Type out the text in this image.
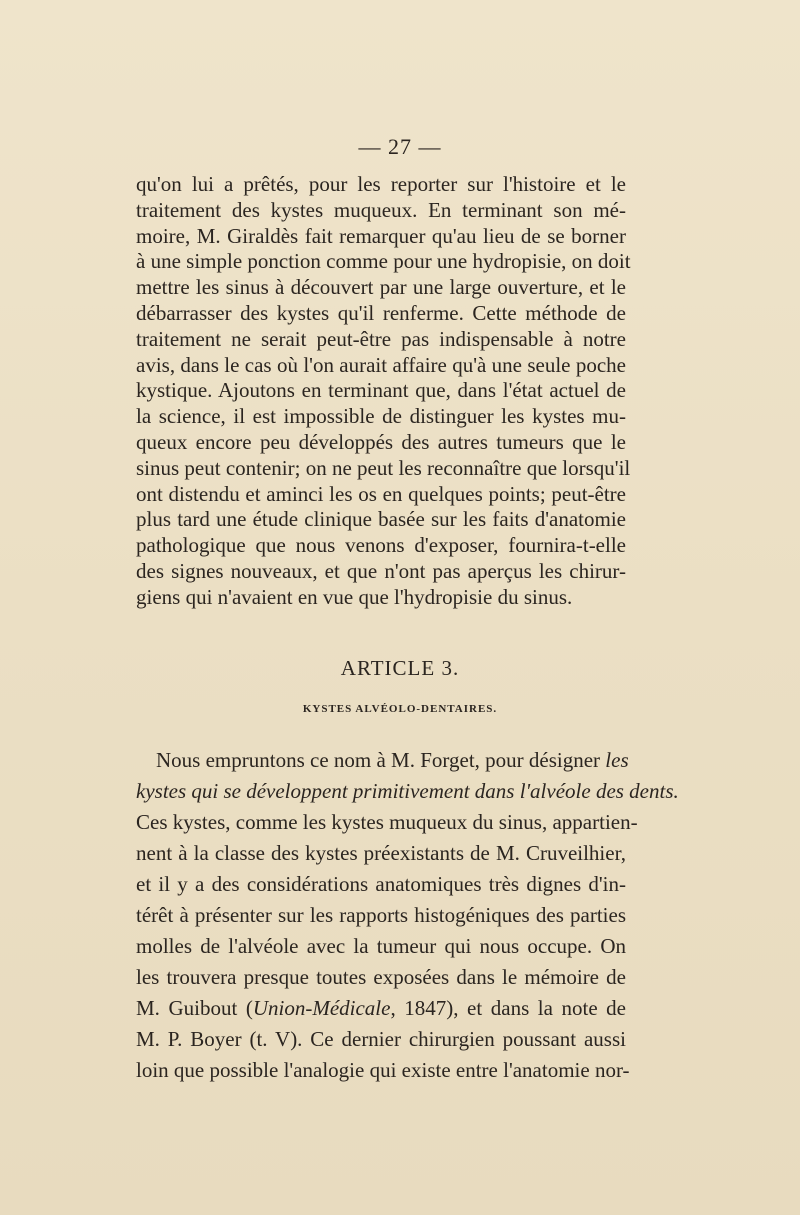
— 27 —
qu'on lui a prêtés, pour les reporter sur l'histoire et le
traitement des kystes muqueux. En terminant son mé-
moire, M. Giraldès fait remarquer qu'au lieu de se borner
à une simple ponction comme pour une hydropisie, on doit
mettre les sinus à découvert par une large ouverture, et le
débarrasser des kystes qu'il renferme. Cette méthode de
traitement ne serait peut-être pas indispensable à notre
avis, dans le cas où l'on aurait affaire qu'à une seule poche
kystique. Ajoutons en terminant que, dans l'état actuel de
la science, il est impossible de distinguer les kystes mu-
queux encore peu développés des autres tumeurs que le
sinus peut contenir; on ne peut les reconnaître que lorsqu'il
ont distendu et aminci les os en quelques points; peut-être
plus tard une étude clinique basée sur les faits d'anatomie
pathologique que nous venons d'exposer, fournira-t-elle
des signes nouveaux, et que n'ont pas aperçus les chirur-
ARTICLE 3.
KYSTES ALVÉOLO-DENTAIRES.
Nous empruntons ce nom à M. Forget, pour désigner les
kystes qui se développent primitivement dans l'alvéole des dents.
Ces kystes, comme les kystes muqueux du sinus, appartien-
nent à la classe des kystes préexistants de M. Cruveilhier,
et il y a des considérations anatomiques très dignes d'in-
térêt à présenter sur les rapports histogéniques des parties
molles de l'alvéole avec la tumeur qui nous occupe. On
les trouvera presque toutes exposées dans le mémoire de
M. Guibout (Union-Médicale, 1847), et dans la note de
M. P. Boyer (t. V). Ce dernier chirurgien poussant aussi
loin que possible l'analogie qui existe entre l'anatomie nor-
giens qui n'avaient en vue que l'hydropisie du sinus.
